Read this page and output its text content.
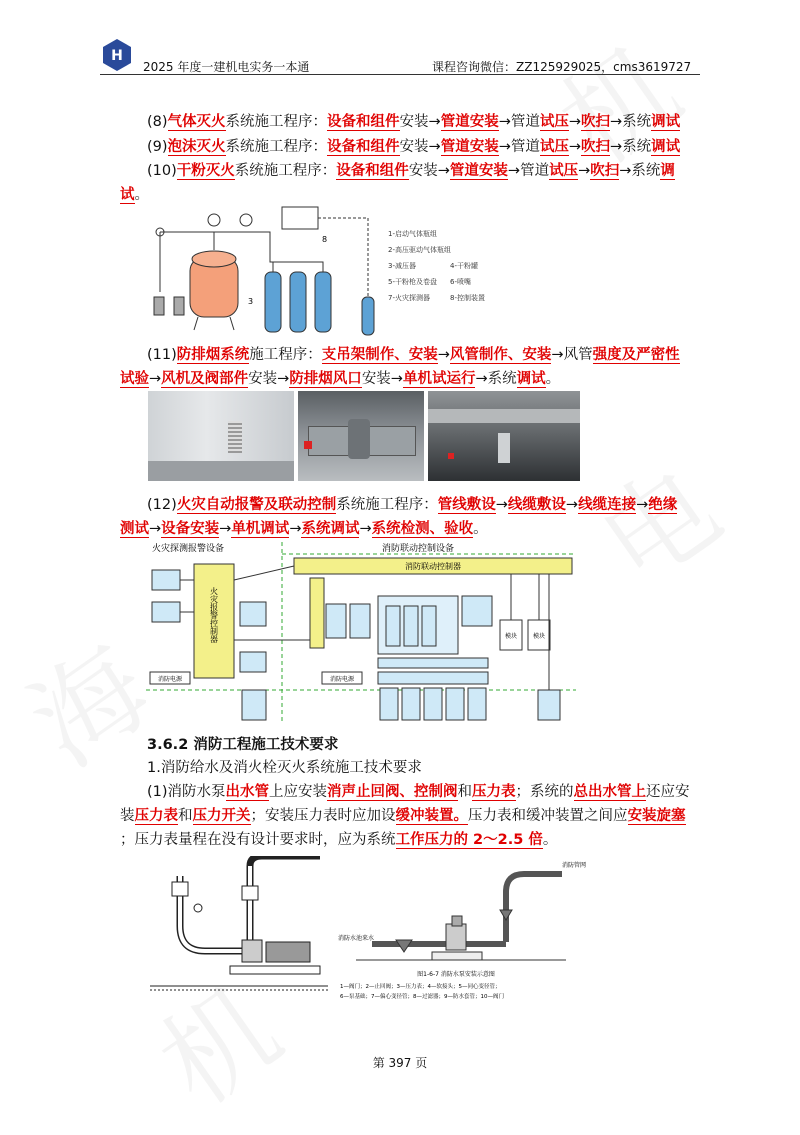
H
2025 年度一建机电实务一本通	课程咨询微信：ZZ125929025，cms3619727
(8)气体灭火系统施工程序：设备和组件安装→管道安装→管道试压→吹扫→系统调试
(9)泡沫灭火系统施工程序：设备和组件安装→管道安装→管道试压→吹扫→系统调试
(10)干粉灭火系统施工程序：设备和组件安装→管道安装→管道试压→吹扫→系统调
试。
3
8
1-启动气体瓶组
2-高压驱动气体瓶组
3-减压器	4-干粉罐
5-干粉枪及卷盘 6-喷嘴
7-火灾探测器	8-控制装置
(11)防排烟系统施工程序：支吊架制作、安装→风管制作、安装→风管强度及严密性
试验→风机及阀部件安装→防排烟风口安装→单机试运行→系统调试。
(12)火灾自动报警及联动控制系统施工程序：管线敷设→线缆敷设→线缆连接→绝缘
测试→设备安装→单机调试→系统调试→系统检测、验收。
火灾探测报警设备	消防联动控制设备
火灾报警控制器
消防电源
消防联动控制器
模块	模块
消防电源
3.6.2 消防工程施工技术要求
1.消防给水及消火栓灭火系统施工技术要求
(1)消防水泵出水管上应安装消声止回阀、控制阀和压力表；系统的总出水管上还应安
装压力表和压力开关；安装压力表时应加设缓冲装置。压力表和缓冲装置之间应安装旋塞
；压力表量程在没有设计要求时，应为系统工作压力的 2～2.5 倍。
消防管网
消防水池来水
图1-6-7 消防水泵安装示意图
1—阀门；2—止回阀；3—压力表；4—软接头；5—同心变径管；
6—泵基础；7—偏心变径管；8—过滤器；9—防水套管；10—阀门
第 397 页
